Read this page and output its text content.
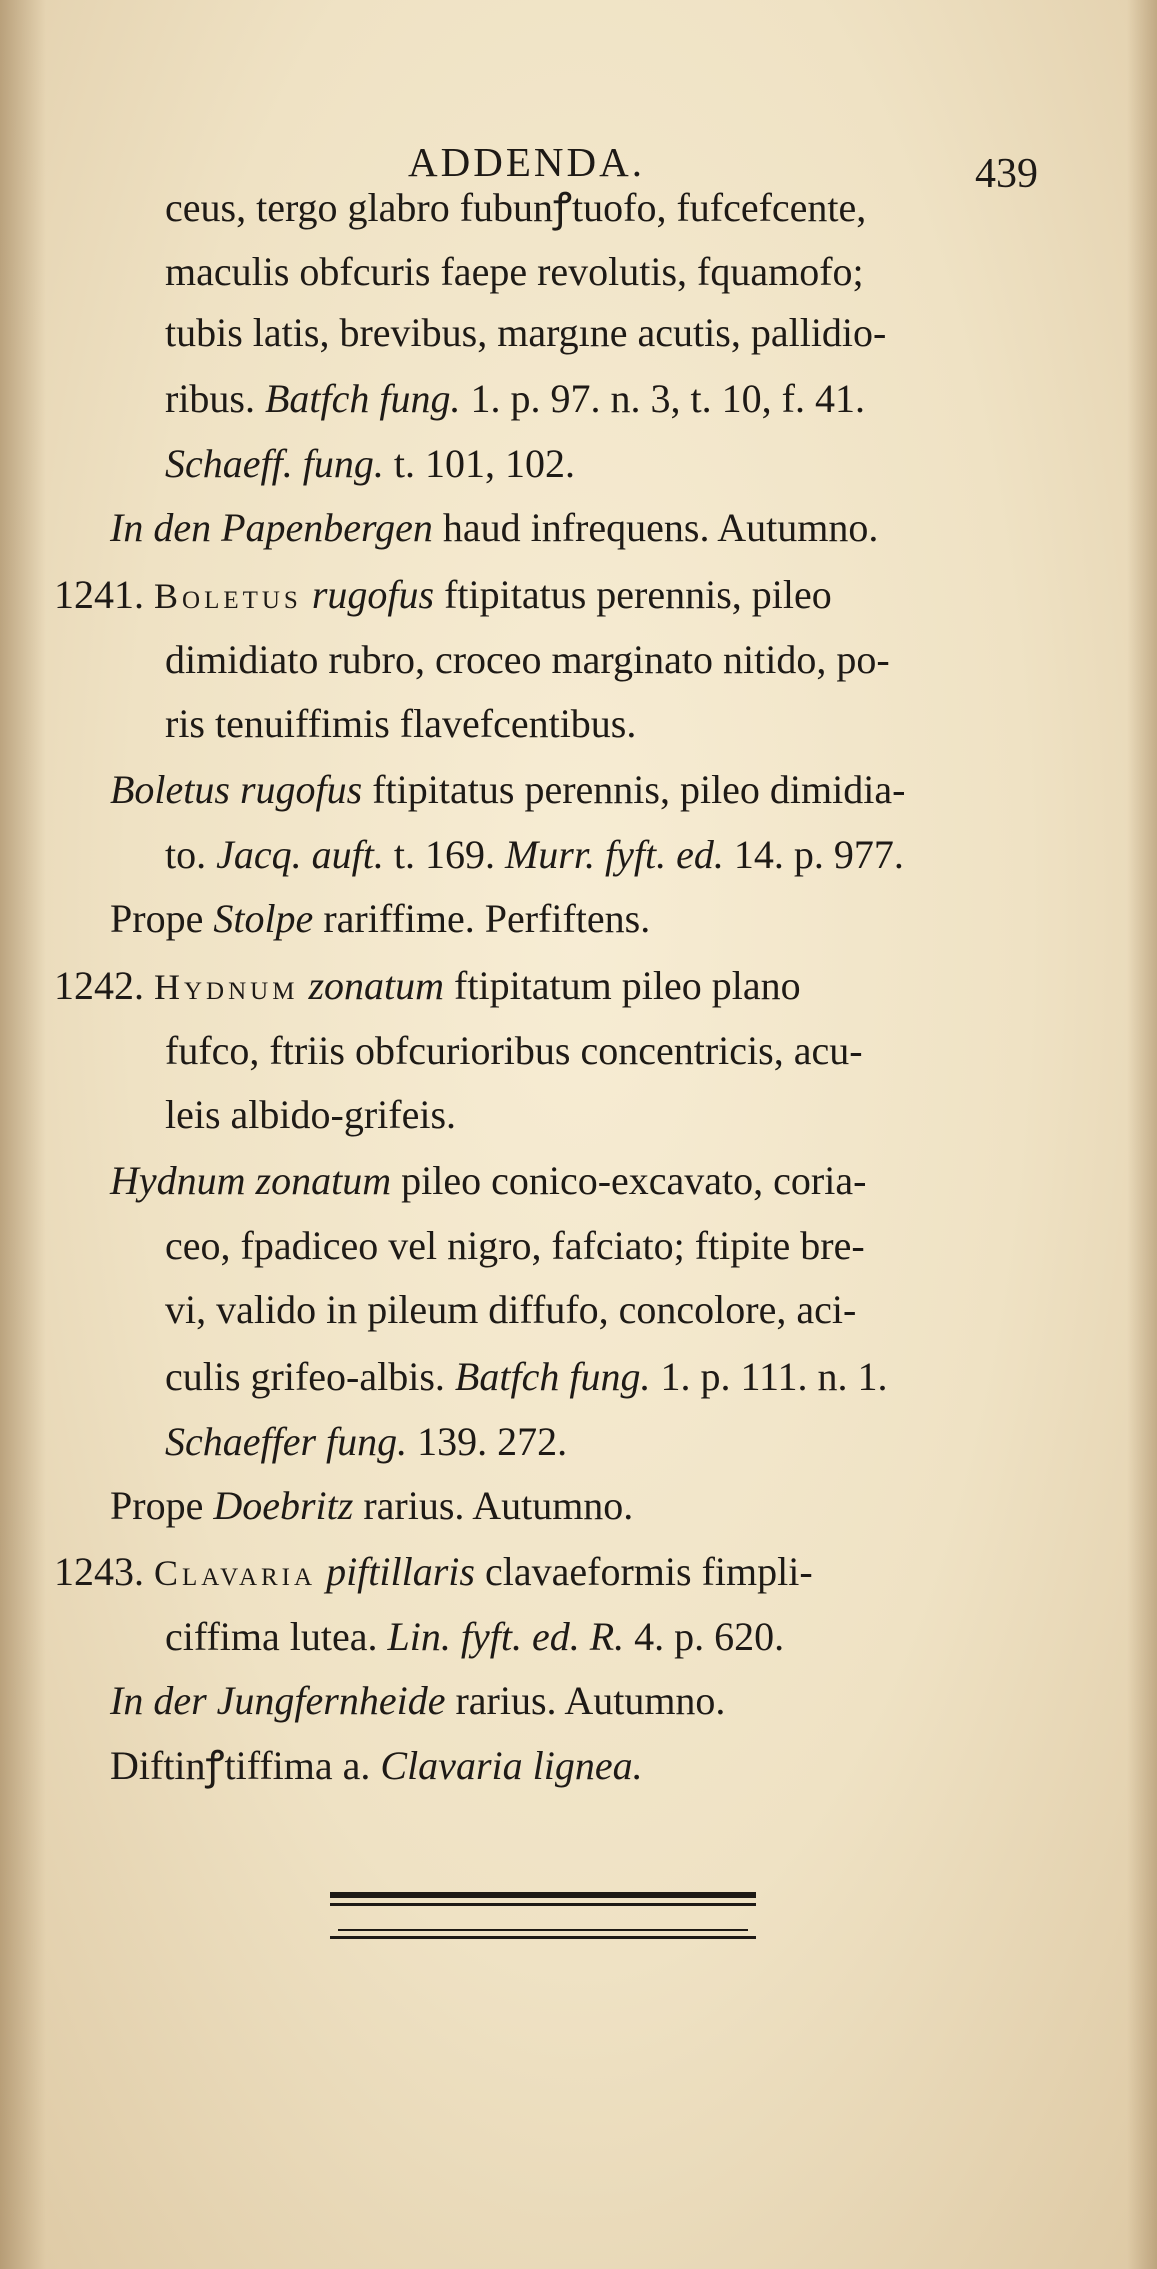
ADDENDA.	439
ceus, tergo glabro fubunꝭtuofo, fufcefcente,
maculis obfcuris faepe revolutis, fquamofo;
tubis latis, brevibus, margıne acutis, pallidio-
ribus. Batfch fung. 1. p. 97. n. 3, t. 10, f. 41.
Schaeff. fung. t. 101, 102.
In den Papenbergen haud infrequens. Autumno.
1241. Boletus rugofus ftipitatus perennis, pileo
dimidiato rubro, croceo marginato nitido, po-
ris tenuiffimis flavefcentibus.
Boletus rugofus ftipitatus perennis, pileo dimidia-
to. Jacq. auft. t. 169. Murr. fyft. ed. 14. p. 977.
Prope Stolpe rariffime. Perfiftens.
1242. Hydnum zonatum ftipitatum pileo plano
fufco, ftriis obfcurioribus concentricis, acu-
leis albido-grifeis.
Hydnum zonatum pileo conico-excavato, coria-
ceo, fpadiceo vel nigro, fafciato; ftipite bre-
vi, valido in pileum diffufo, concolore, aci-
culis grifeo-albis. Batfch fung. 1. p. 111. n. 1.
Schaeffer fung. 139. 272.
Prope Doebritz rarius. Autumno.
1243. Clavaria piftillaris clavaeformis fimpli-
ciffima lutea. Lin. fyft. ed. R. 4. p. 620.
In der Jungfernheide rarius. Autumno.
Diftinꝭtiffima a. Clavaria lignea.
